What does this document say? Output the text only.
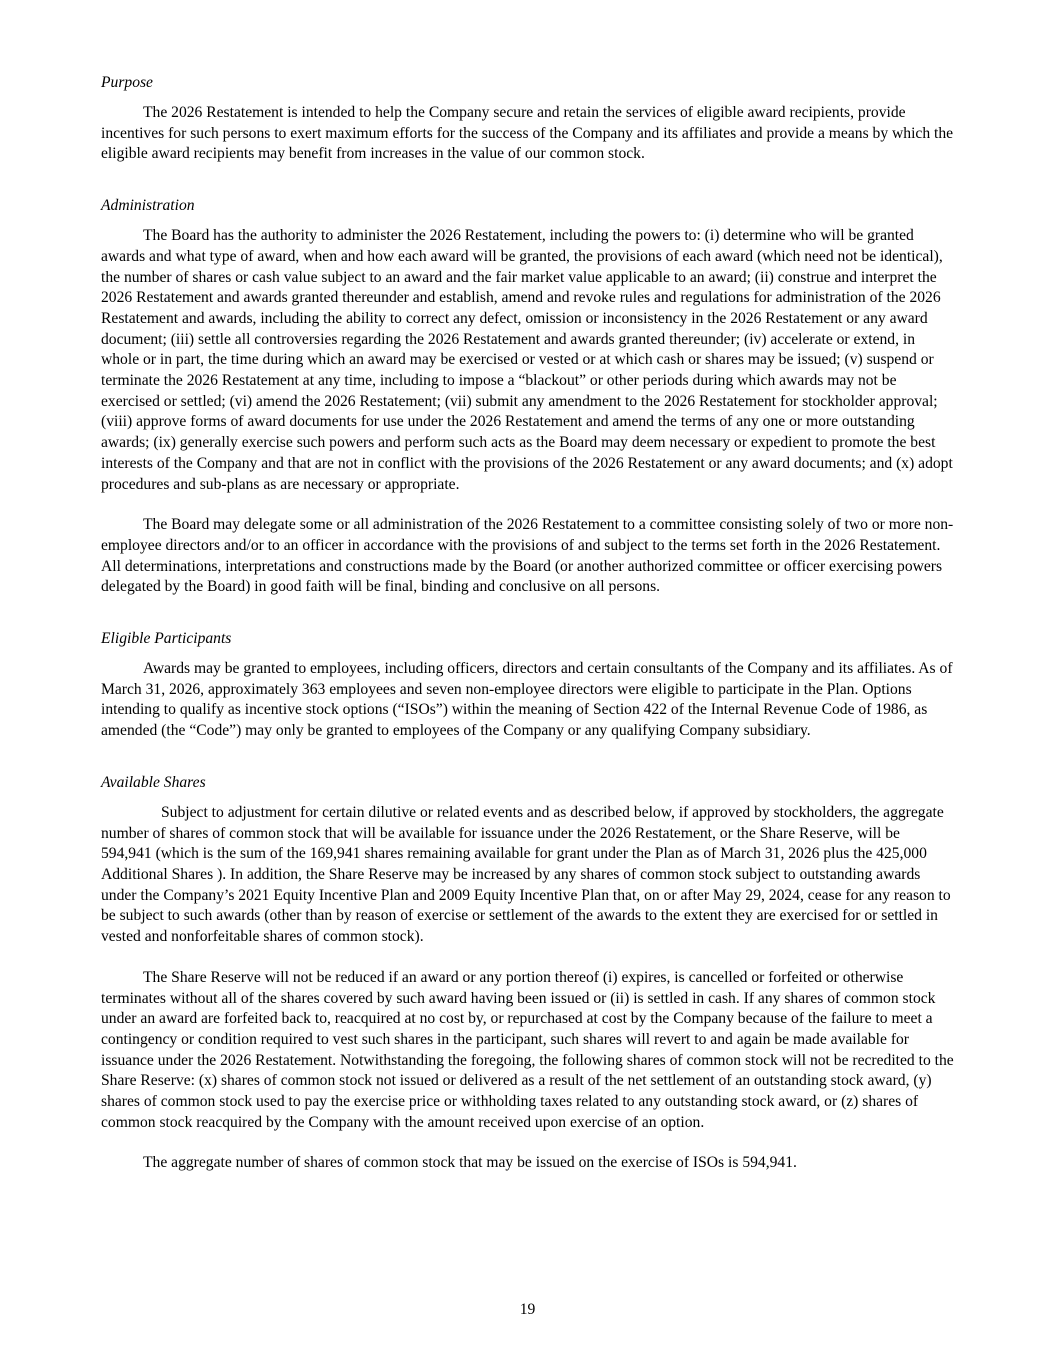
Purpose

The 2026 Restatement is intended to help the Company secure and retain the services of eligible award recipients, provide incentives for such persons to exert maximum efforts for the success of the Company and its affiliates and provide a means by which the eligible award recipients may benefit from increases in the value of our common stock.

Administration

The Board has the authority to administer the 2026 Restatement, including the powers to: (i) determine who will be granted awards and what type of award, when and how each award will be granted, the provisions of each award (which need not be identical), the number of shares or cash value subject to an award and the fair market value applicable to an award; (ii) construe and interpret the 2026 Restatement and awards granted thereunder and establish, amend and revoke rules and regulations for administration of the 2026 Restatement and awards, including the ability to correct any defect, omission or inconsistency in the 2026 Restatement or any award document; (iii) settle all controversies regarding the 2026 Restatement and awards granted thereunder; (iv) accelerate or extend, in whole or in part, the time during which an award may be exercised or vested or at which cash or shares may be issued; (v) suspend or terminate the 2026 Restatement at any time, including to impose a “blackout” or other periods during which awards may not be exercised or settled; (vi) amend the 2026 Restatement; (vii) submit any amendment to the 2026 Restatement for stockholder approval; (viii) approve forms of award documents for use under the 2026 Restatement and amend the terms of any one or more outstanding awards; (ix) generally exercise such powers and perform such acts as the Board may deem necessary or expedient to promote the best interests of the Company and that are not in conflict with the provisions of the 2026 Restatement or any award documents; and (x) adopt procedures and sub-plans as are necessary or appropriate.

The Board may delegate some or all administration of the 2026 Restatement to a committee consisting solely of two or more non-employee directors and/or to an officer in accordance with the provisions of and subject to the terms set forth in the 2026 Restatement. All determinations, interpretations and constructions made by the Board (or another authorized committee or officer exercising powers delegated by the Board) in good faith will be final, binding and conclusive on all persons.

Eligible Participants

Awards may be granted to employees, including officers, directors and certain consultants of the Company and its affiliates. As of March 31, 2026, approximately 363 employees and seven non-employee directors were eligible to participate in the Plan. Options intending to qualify as incentive stock options (“ISOs”) within the meaning of Section 422 of the Internal Revenue Code of 1986, as amended (the “Code”) may only be granted to employees of the Company or any qualifying Company subsidiary.

Available Shares

Subject to adjustment for certain dilutive or related events and as described below, if approved by stockholders, the aggregate number of shares of common stock that will be available for issuance under the 2026 Restatement, or the Share Reserve, will be 594,941 (which is the sum of the 169,941 shares remaining available for grant under the Plan as of March 31, 2026 plus the 425,000 Additional Shares ). In addition, the Share Reserve may be increased by any shares of common stock subject to outstanding awards under the Company’s 2021 Equity Incentive Plan and 2009 Equity Incentive Plan that, on or after May 29, 2024, cease for any reason to be subject to such awards (other than by reason of exercise or settlement of the awards to the extent they are exercised for or settled in vested and nonforfeitable shares of common stock).

The Share Reserve will not be reduced if an award or any portion thereof (i) expires, is cancelled or forfeited or otherwise terminates without all of the shares covered by such award having been issued or (ii) is settled in cash. If any shares of common stock under an award are forfeited back to, reacquired at no cost by, or repurchased at cost by the Company because of the failure to meet a contingency or condition required to vest such shares in the participant, such shares will revert to and again be made available for issuance under the 2026 Restatement. Notwithstanding the foregoing, the following shares of common stock will not be recredited to the Share Reserve: (x) shares of common stock not issued or delivered as a result of the net settlement of an outstanding stock award, (y) shares of common stock used to pay the exercise price or withholding taxes related to any outstanding stock award, or (z) shares of common stock reacquired by the Company with the amount received upon exercise of an option.

The aggregate number of shares of common stock that may be issued on the exercise of ISOs is 594,941.

19
